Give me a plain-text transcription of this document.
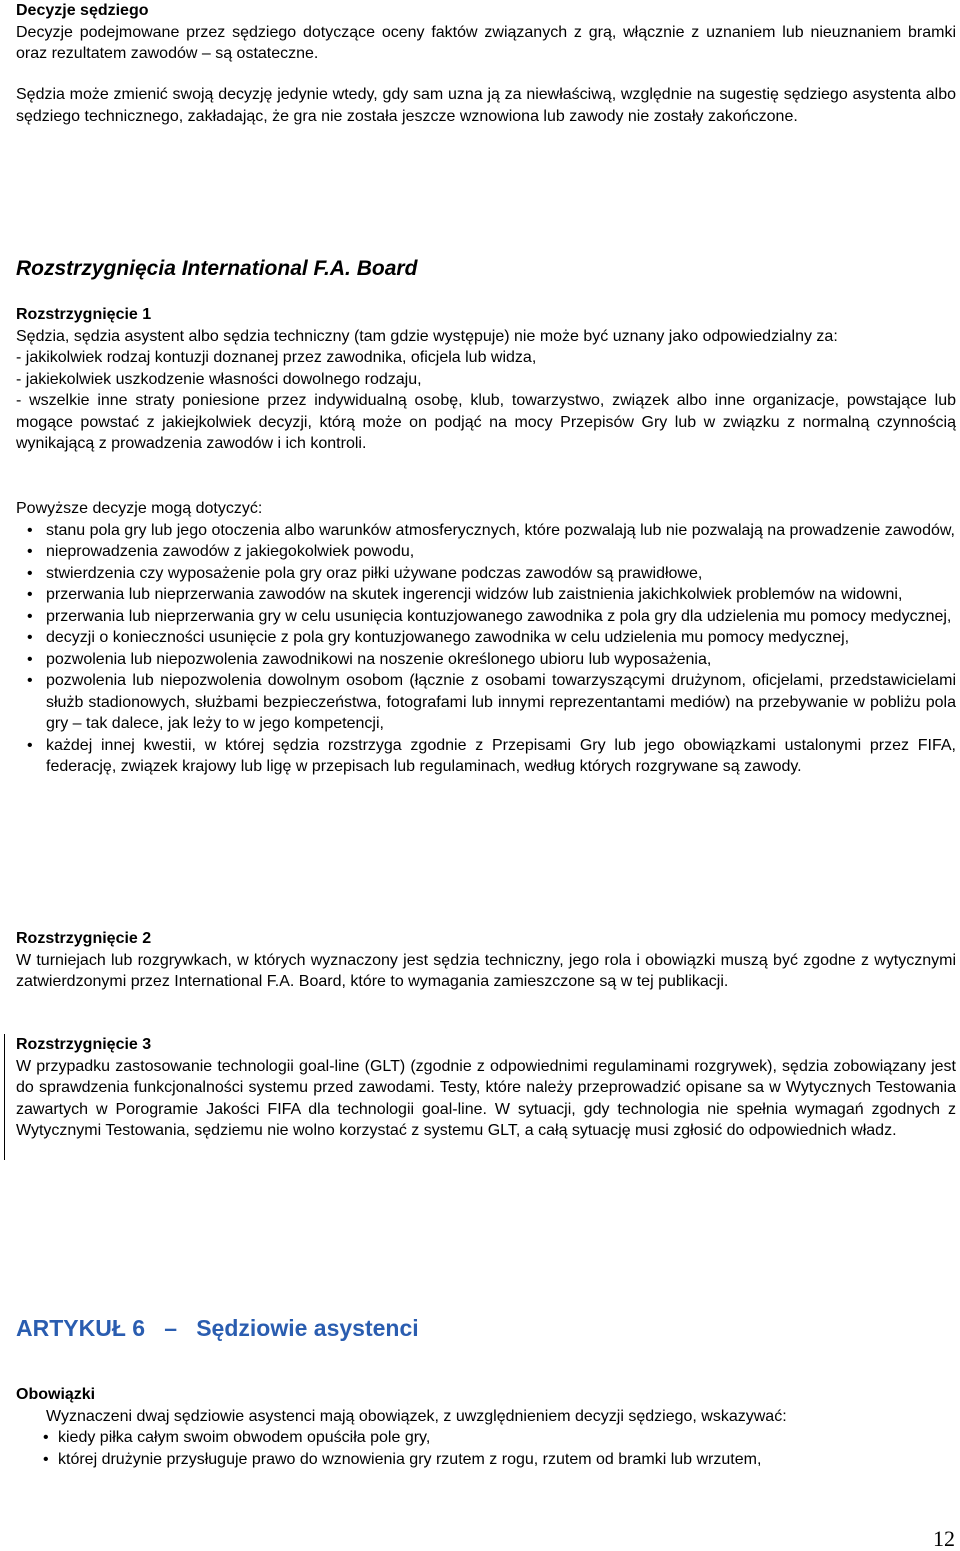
Decyzje sędziego

Decyzje podejmowane przez sędziego dotyczące oceny faktów związanych z grą, włącznie z uznaniem lub nieuznaniem bramki oraz rezultatem zawodów – są ostateczne.

Sędzia może zmienić swoją decyzję jedynie wtedy, gdy sam uzna ją za niewłaściwą, względnie na sugestię sędziego asystenta albo sędziego technicznego, zakładając, że gra nie została jeszcze wznowiona lub zawody nie zostały zakończone.

Rozstrzygnięcia International F.A. Board

Rozstrzygnięcie 1

Sędzia, sędzia asystent albo sędzia techniczny (tam gdzie występuje) nie może być uznany jako odpowiedzialny za:

- jakikolwiek rodzaj kontuzji doznanej przez zawodnika, oficjela lub widza,

- jakiekolwiek uszkodzenie własności dowolnego rodzaju,

- wszelkie inne straty poniesione przez indywidualną osobę, klub, towarzystwo, związek albo inne organizacje, powstające lub mogące powstać z jakiejkolwiek decyzji, którą może on podjąć na mocy Przepisów Gry lub w związku z normalną czynnością wynikającą z prowadzenia zawodów i ich kontroli.

Powyższe decyzje mogą dotyczyć:

• stanu pola gry lub jego otoczenia albo warunków atmosferycznych, które pozwalają lub nie pozwalają na prowadzenie zawodów,
• nieprowadzenia zawodów z jakiegokolwiek powodu,
• stwierdzenia czy wyposażenie pola gry oraz piłki używane podczas zawodów są prawidłowe,
• przerwania lub nieprzerwania zawodów na skutek ingerencji widzów lub zaistnienia jakichkolwiek problemów na widowni,
• przerwania lub nieprzerwania gry w celu usunięcia kontuzjowanego zawodnika z pola gry dla udzielenia mu pomocy medycznej,
• decyzji o konieczności usunięcie z pola gry kontuzjowanego zawodnika w celu udzielenia mu pomocy medycznej,
• pozwolenia lub niepozwolenia zawodnikowi na noszenie określonego ubioru lub wyposażenia,
• pozwolenia lub niepozwolenia dowolnym osobom (łącznie z osobami towarzyszącymi drużynom, oficjelami, przedstawicielami służb stadionowych, służbami bezpieczeństwa, fotografami lub innymi reprezentantami mediów) na przebywanie w pobliżu pola gry – tak dalece, jak leży to w jego kompetencji,
• każdej innej kwestii, w której sędzia rozstrzyga zgodnie z Przepisami Gry lub jego obowiązkami ustalonymi przez FIFA, federację, związek krajowy lub ligę w przepisach lub regulaminach, według których rozgrywane są zawody.

Rozstrzygnięcie 2

W turniejach lub rozgrywkach, w których wyznaczony jest sędzia techniczny, jego rola i obowiązki muszą być zgodne z wytycznymi zatwierdzonymi przez International F.A. Board, które to wymagania zamieszczone są w tej publikacji.

Rozstrzygnięcie 3

W przypadku zastosowanie technologii goal-line (GLT) (zgodnie z odpowiednimi regulaminami rozgrywek), sędzia zobowiązany jest do sprawdzenia funkcjonalności systemu przed zawodami. Testy, które należy przeprowadzić opisane sa w Wytycznych Testowania zawartych w Porogramie Jakości FIFA dla technologii goal-line. W sytuacji, gdy technologia nie spełnia wymagań zgodnych z Wytycznymi Testowania, sędziemu nie wolno korzystać z systemu GLT, a całą sytuację musi zgłosić do odpowiednich władz.

ARTYKUŁ 6   –   Sędziowie asystenci

Obowiązki

Wyznaczeni dwaj sędziowie asystenci mają obowiązek, z uwzględnieniem decyzji sędziego, wskazywać:

• kiedy piłka całym swoim obwodem opuściła pole gry,
• której drużynie przysługuje prawo do wznowienia gry rzutem z rogu, rzutem od bramki lub wrzutem,
12
